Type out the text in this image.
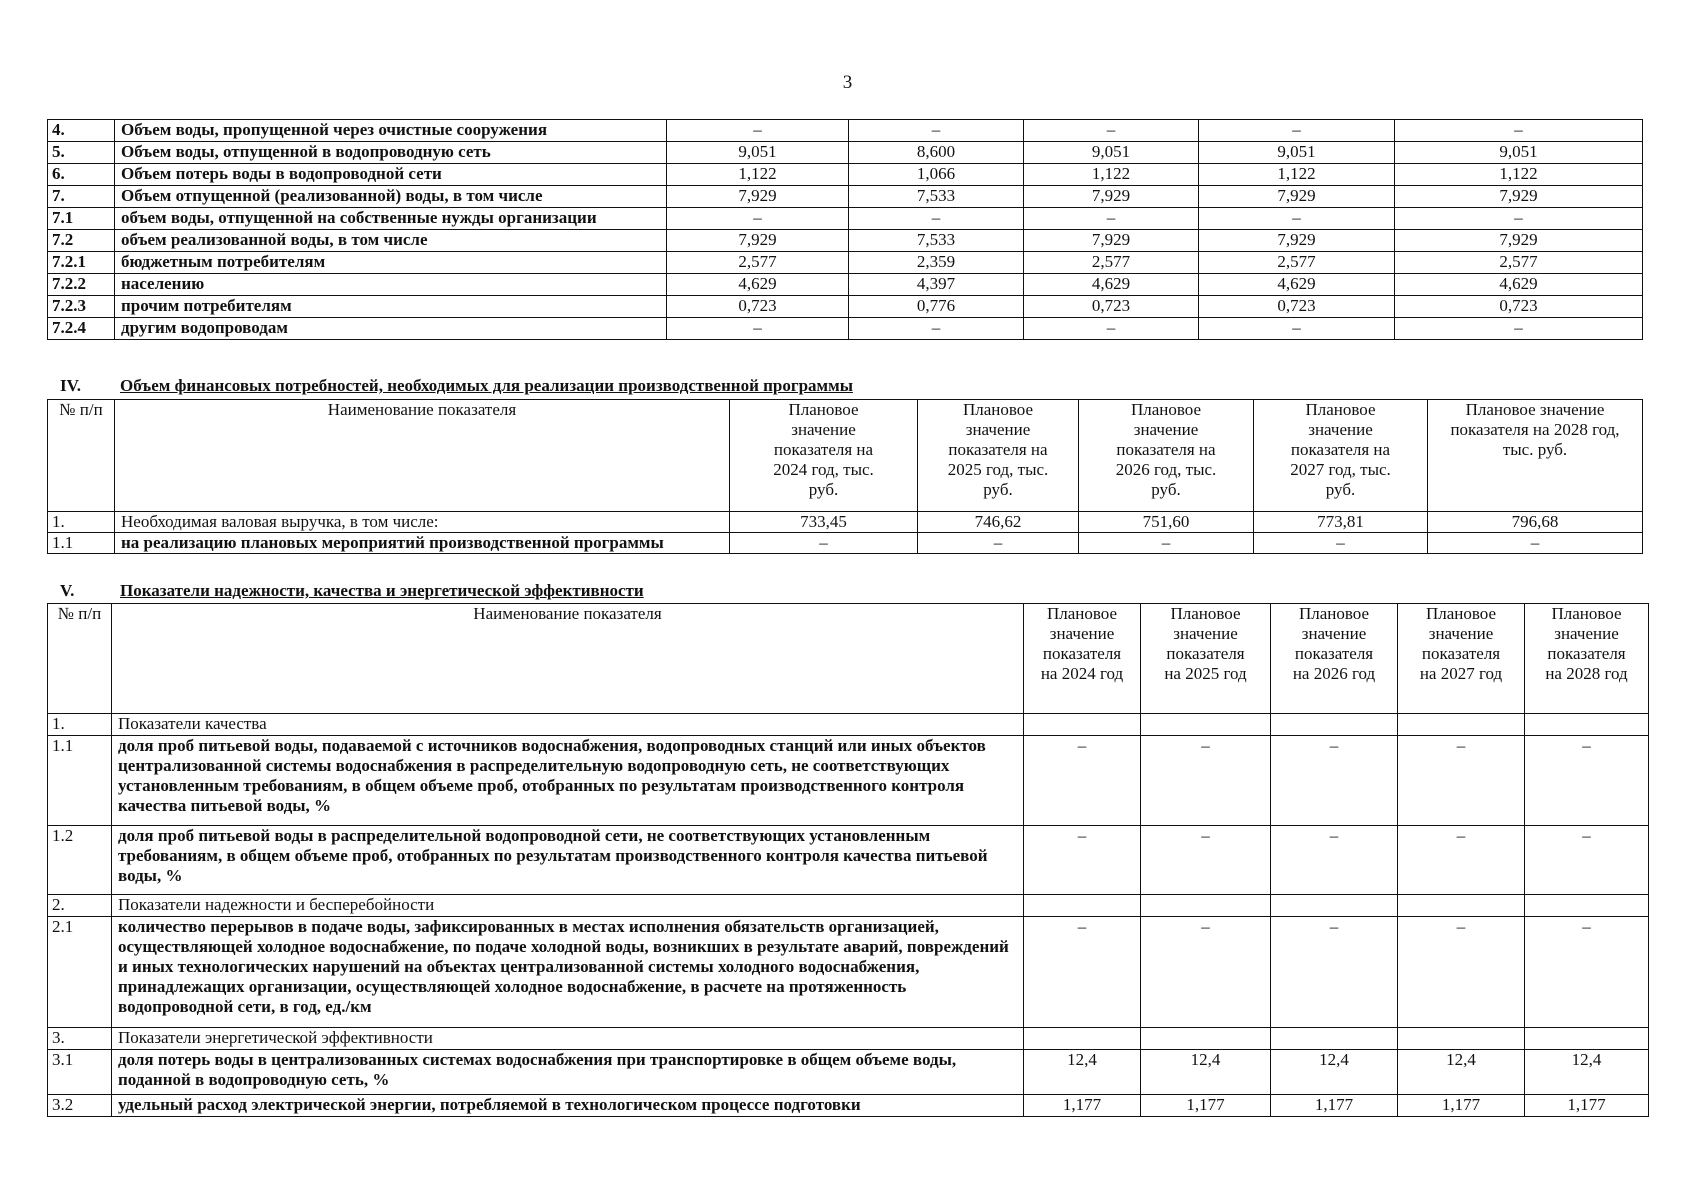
3
4.	Объем воды, пропущенной через очистные сооружения	–	–	–	–	–
5.	Объем воды, отпущенной в водопроводную сеть	9,051	8,600	9,051	9,051	9,051
6.	Объем потерь воды в водопроводной сети	1,122	1,066	1,122	1,122	1,122
7.	Объем отпущенной (реализованной) воды, в том числе	7,929	7,533	7,929	7,929	7,929
7.1	объем воды, отпущенной на собственные нужды организации	–	–	–	–	–
7.2	объем реализованной воды, в том числе	7,929	7,533	7,929	7,929	7,929
7.2.1	бюджетным потребителям	2,577	2,359	2,577	2,577	2,577
7.2.2	населению	4,629	4,397	4,629	4,629	4,629
7.2.3	прочим потребителям	0,723	0,776	0,723	0,723	0,723
7.2.4	другим водопроводам	–	–	–	–	–
IV. Объем финансовых потребностей, необходимых для реализации производственной программы
№ п/п	Наименование показателя	Плановое значение показателя на 2024 год, тыс. руб.	Плановое значение показателя на 2025 год, тыс. руб.	Плановое значение показателя на 2026 год, тыс. руб.	Плановое значение показателя на 2027 год, тыс. руб.	Плановое значение показателя на 2028 год, тыс. руб.
1.	Необходимая валовая выручка, в том числе:	733,45	746,62	751,60	773,81	796,68
1.1	на реализацию плановых мероприятий производственной программы	–	–	–	–	–
V.	Показатели надежности, качества и энергетической эффективности
№ п/п	Наименование показателя	Плановое значение показателя на 2024 год	Плановое значение показателя на 2025 год	Плановое значение показателя на 2026 год	Плановое значение показателя на 2027 год	Плановое значение показателя на 2028 год
1.	Показатели качества					
1.1	доля проб питьевой воды, подаваемой с источников водоснабжения, водопроводных станций или иных объектов централизованной системы водоснабжения в распределительную водопроводную сеть, не соответствующих установленным требованиям, в общем объеме проб, отобранных по результатам производственного контроля качества питьевой воды, %	–	–	–	–	–
1.2	доля проб питьевой воды в распределительной водопроводной сети, не соответствующих установленным требованиям, в общем объеме проб, отобранных по результатам производственного контроля качества питьевой воды, %	–	–	–	–	–
2.	Показатели надежности и бесперебойности					
2.1	количество перерывов в подаче воды, зафиксированных в местах исполнения обязательств организацией, осуществляющей холодное водоснабжение, по подаче холодной воды, возникших в результате аварий, повреждений и иных технологических нарушений на объектах централизованной системы холодного водоснабжения, принадлежащих организации, осуществляющей холодное водоснабжение, в расчете на протяженность водопроводной сети, в год, ед./км	–	–	–	–	–
3.	Показатели энергетической эффективности					
3.1	доля потерь воды в централизованных системах водоснабжения при транспортировке в общем объеме воды, поданной в водопроводную сеть, %	12,4	12,4	12,4	12,4	12,4
3.2	удельный расход электрической энергии, потребляемой в технологическом процессе подготовки	1,177	1,177	1,177	1,177	1,177
